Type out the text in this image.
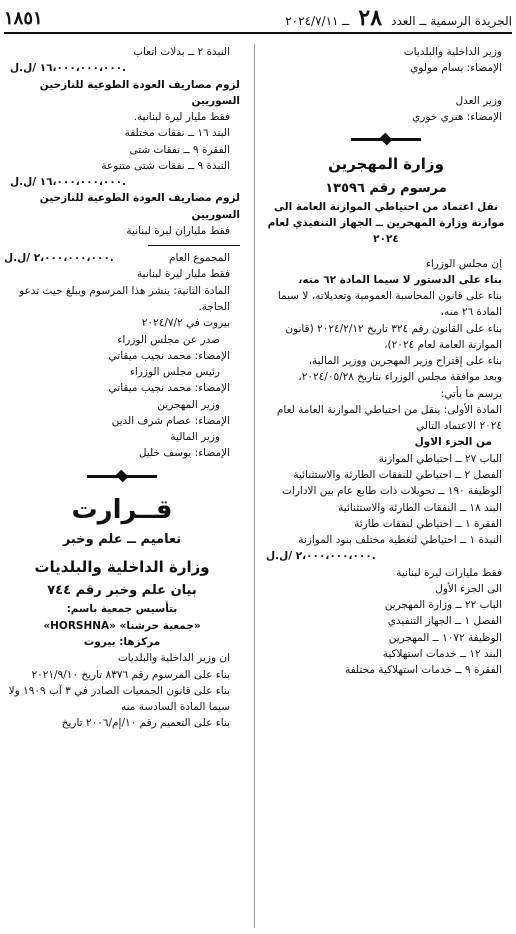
الجريدة الرسمية ــ العدد ٢٨ ــ ٢٠٢٤/٧/١١
١٨٥١

وزير الداخلية والبلديات

الإمضاء: بسام مولوي

وزير العدل

الإمضاء: هنري خوري

وزارة المهجرين
مرسوم رقم ١٣٥٩٦
نقل اعتماد من احتياطي الموازنة العامة الى موازنة وزارة المهجرين ــ الجهاز التنفيذي لعام ٢٠٢٤

إن مجلس الوزراء

بناء على الدستور لا سيما المادة ٦٢ منه،

بناء على قانون المحاسبة العمومية وتعديلاته، لا سيما المادة ٢٦ منه،

بناء على القانون رقم ٣٢٤ تاريخ ٢٠٢٤/٢/١٢ (قانون الموازنة العامة لعام ٢٠٢٤)،

بناء على إقتراح وزير المهجرين ووزير المالية،

وبعد موافقة مجلس الوزراء بتاريخ ٢٠٢٤/٠٥/٢٨،

يرسم ما يأتي:

المادة الأولى: ينقل من احتياطي الموازنة العامة لعام ٢٠٢٤ الاعتماد التالي

من الجزء الاول

الباب ٢٧ ــ احتياطي الموازنة

الفصل ٢ ــ احتياطي للنفقات الطارئة والاستثنائية

الوظيفة ١٩٠ ــ تحويلات ذات طابع عام بين الادارات

البند ١٨ ــ النفقات الطارئة والاستثنائية

الفقرة ١ ــ احتياطي لنفقات طارئة

النبذة ١ ــ احتياطي لتغطية مختلف بنود الموازنة

٢،٠٠٠،٠٠٠،٠٠٠ /ل.ل.

فقط مليارات ليرة لبنانية

الى الجزء الأول

الباب ٢٢ ــ وزارة المهجرين

الفصل ١ ــ الجهاز التنفيذي

الوظيفة ١٠٧٢ ــ المهجرين

البند ١٢ ــ خدمات استهلاكية

الفقرة ٩ ــ خدمات استهلاكية مختلفة

النبذة ٢ ــ بدلات اتعاب

١٦،٠٠٠،٠٠٠،٠٠٠ /ل.ل.

لزوم مصاريف العودة الطوعية للنازحين السوريين

فقط مليار ليرة لبنانية.

البند ١٦ ــ نفقات مختلفة

الفقرة ٩ ــ نفقات شتى

النبذة ٩ ــ نفقات شتى متنوعة

١٦،٠٠٠،٠٠٠،٠٠٠ /ل.ل.

لزوم مصاريف العودة الطوعية للنازحين السوريين

فقط ملياران ليرة لبنانية

المجموع العام
٢،٠٠٠،٠٠٠،٠٠٠ /ل.ل.

فقط مليار ليرة لبنانية

المادة الثانية: ينشر هذا المرسوم ويبلغ حيث تدعو الحاجة.

بيروت في ٢٠٢٤/٧/٢

صدر عن مجلس الوزراء

الإمضاء: محمد نجيب ميقاتي

رئيس مجلس الوزراء

الإمضاء: محمد نجيب ميقاتي

وزير المهجرين

الإمضاء: عصام شرف الدين

وزير المالية

الإمضاء: يوسف خليل

قــرارت
تعاميم ــ علم وخبر
وزارة الداخلية والبلديات
بيان علم وخبر رقم ٧٤٤
بتأسيس جمعية باسم:
«جمعية حرشنا» «HORSHNA»
مركزها: بيروت

ان وزير الداخلية والبلديات

بناء على المرسوم رقم ٨٣٧٦ تاريخ ٢٠٢١/٩/١٠

بناء على قانون الجمعيات الصادر في ٣ آب ١٩٠٩ ولا سيما المادة السادسة منه

بناء على التعميم رقم ١٠/إم/٢٠٠٦ تاريخ
